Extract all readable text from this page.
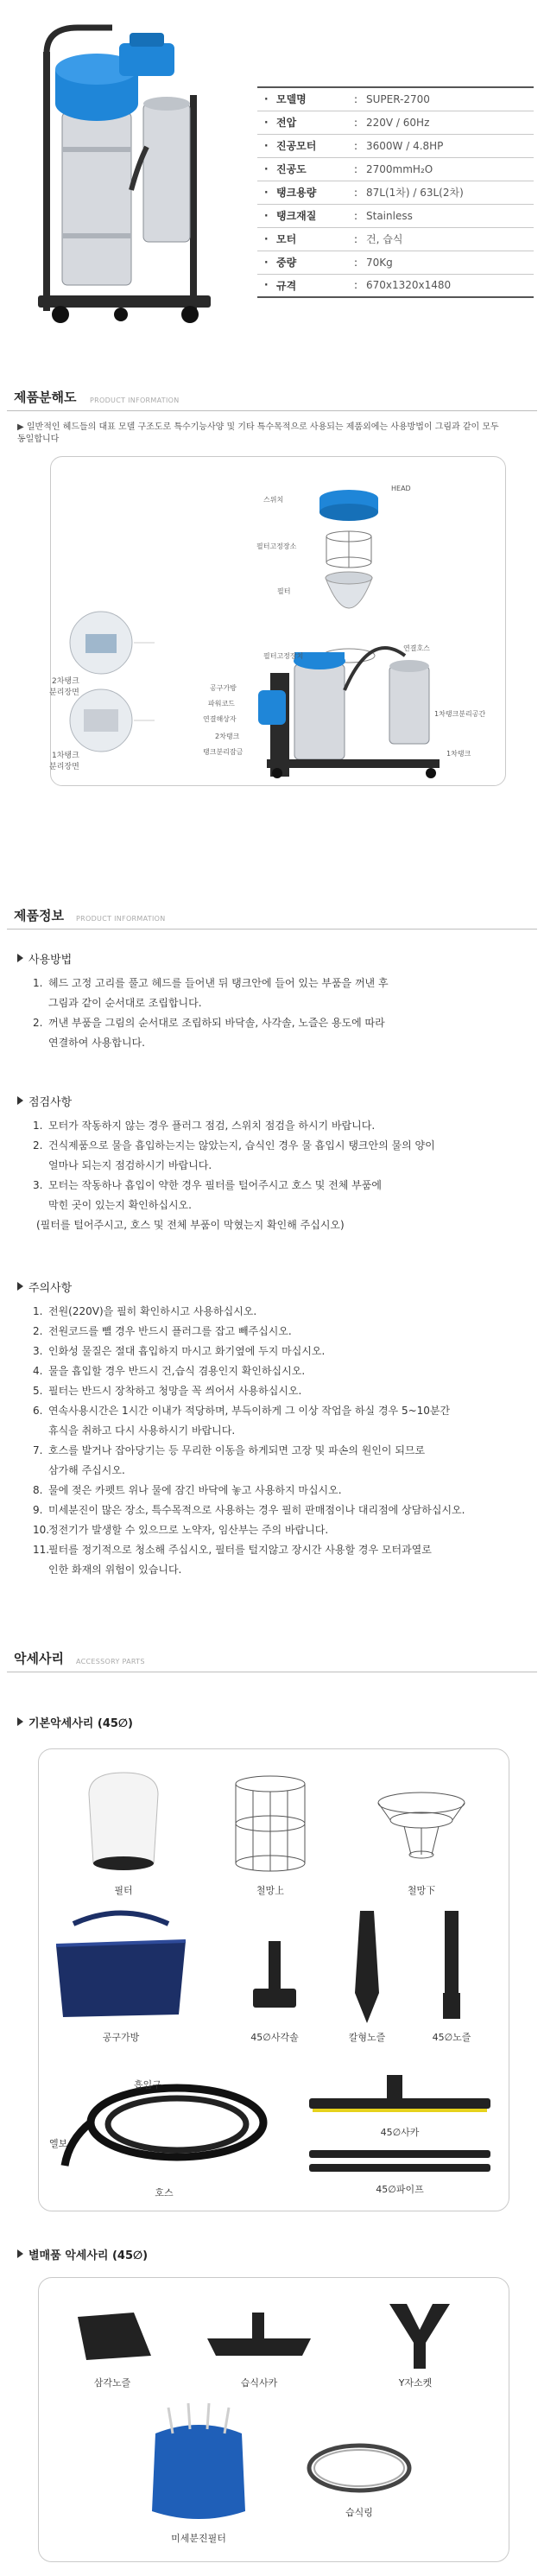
· 모델명	:	SUPER-2700
· 전압	:	220V / 60Hz
· 진공모터	:	3600W / 4.8HP
· 진공도	:	2700mmH₂O
· 탱크용량	:	87L(1차) / 63L(2차)
· 탱크재질	:	Stainless
· 모터	:	건, 습식
· 중량	:	70Kg
· 규격	:	670x1320x1480
제품분해도 PRODUCT INFORMATION
▶ 일반적인 헤드들의 대표 모델 구조도로 특수기능사양 및 기타 특수목적으로 사용되는 제품외에는 사용방법이 그림과 같이 모두 동일합니다
HEAD
스위치
필터고정장소
필터
필터고정장치
연결호스
공구가방
파워코드
연결해상자
2차탱크
탱크분리잠금
1차탱크분리공간
1차탱크
2차탱크
분리장면
1차탱크
분리장면
제품정보 PRODUCT INFORMATION
사용방법
1. 헤드 고정 고리를 풀고 헤드를 들어낸 뒤 탱크안에 들어 있는 부품을 꺼낸 후
그림과 같이 순서대로 조립합니다.
2. 꺼낸 부품을 그림의 순서대로 조립하되 바닥솔, 사각솔, 노즐은 용도에 따라
연결하여 사용합니다.
점검사항
1. 모터가 작동하지 않는 경우 플러그 점검, 스위치 점검을 하시기 바랍니다.
2. 건식제품으로 물을 흡입하는지는 않았는지, 습식인 경우 물 흡입시 탱크안의 물의 양이
얼마나 되는지 점검하시기 바랍니다.
3. 모터는 작동하나 흡입이 약한 경우 필터를 털어주시고 호스 및 전체 부품에
막힌 곳이 있는지 확인하십시오.
(필터를 털어주시고, 호스 및 전체 부품이 막혔는지 확인해 주십시오)
주의사항
1. 전원(220V)을 필히 확인하시고 사용하십시오.
2. 전원코드를 뺄 경우 반드시 플러그를 잡고 빼주십시오.
3. 인화성 물질은 절대 흡입하지 마시고 화기옆에 두지 마십시오.
4. 물을 흡입할 경우 반드시 건,습식 겸용인지 확인하십시오.
5. 필터는 반드시 장착하고 청망을 꼭 씌어서 사용하십시오.
6. 연속사용시간은 1시간 이내가 적당하며, 부득이하게 그 이상 작업을 하실 경우 5~10분간
휴식을 취하고 다시 사용하시기 바랍니다.
7. 호스를 발거나 잡아당기는 등 무리한 이동을 하게되면 고장 및 파손의 원인이 되므로
삼가해 주십시오.
8. 물에 젖은 카펫트 위나 물에 잠긴 바닥에 놓고 사용하지 마십시오.
9. 미세분진이 많은 장소, 특수목적으로 사용하는 경우 필히 판매점이나 대리점에 상담하십시오.
10.정전기가 발생할 수 있으므로 노약자, 임산부는 주의 바랍니다.
11.필터를 정기적으로 청소해 주십시오, 필터를 털지않고 장시간 사용할 경우 모터과열로
인한 화재의 위험이 있습니다.
악세사리 ACCESSORY PARTS
기본악세사리 (45∅)
필터	철망上	철망下
공구가방	45∅사각솔	칼형노즐	45∅노즐
흡입구
엘보
호스
45∅사카
45∅파이프
별매품 악세사리 (45∅)
삼각노즐	습식사카	Y자소켓
미세분진필터
습식링
